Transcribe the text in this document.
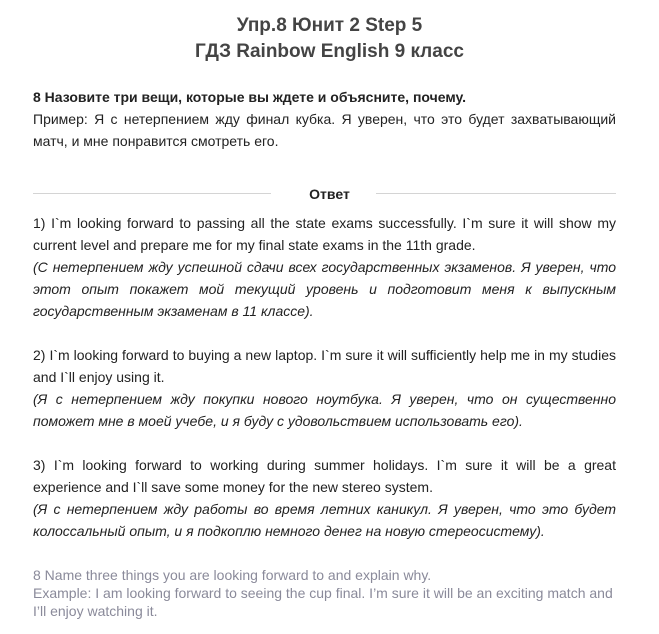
Упр.8 Юнит 2 Step 5
ГДЗ Rainbow English 9 класс
8 Назовите три вещи, которые вы ждете и объясните, почему.
Пример: Я с нетерпением жду финал кубка. Я уверен, что это будет захватывающий матч, и мне понравится смотреть его.
Ответ
1) I`m looking forward to passing all the state exams successfully. I`m sure it will show my current level and prepare me for my final state exams in the 11th grade.
(С нетерпением жду успешной сдачи всех государственных экзаменов. Я уверен, что этот опыт покажет мой текущий уровень и подготовит меня к выпускным государственным экзаменам в 11 классе).
2) I`m looking forward to buying a new laptop. I`m sure it will sufficiently help me in my studies and I`ll enjoy using it.
(Я с нетерпением жду покупки нового ноутбука. Я уверен, что он существенно поможет мне в моей учебе, и я буду с удовольствием использовать его).
3) I`m looking forward to working during summer holidays. I`m sure it will be a great experience and I`ll save some money for the new stereo system.
(Я с нетерпением жду работы во время летних каникул. Я уверен, что это будет колоссальный опыт, и я подкоплю немного денег на новую стереосистему).
8 Name three things you are looking forward to and explain why.
Example: I am looking forward to seeing the cup final. I’m sure it will be an exciting match and I’ll enjoy watching it.
